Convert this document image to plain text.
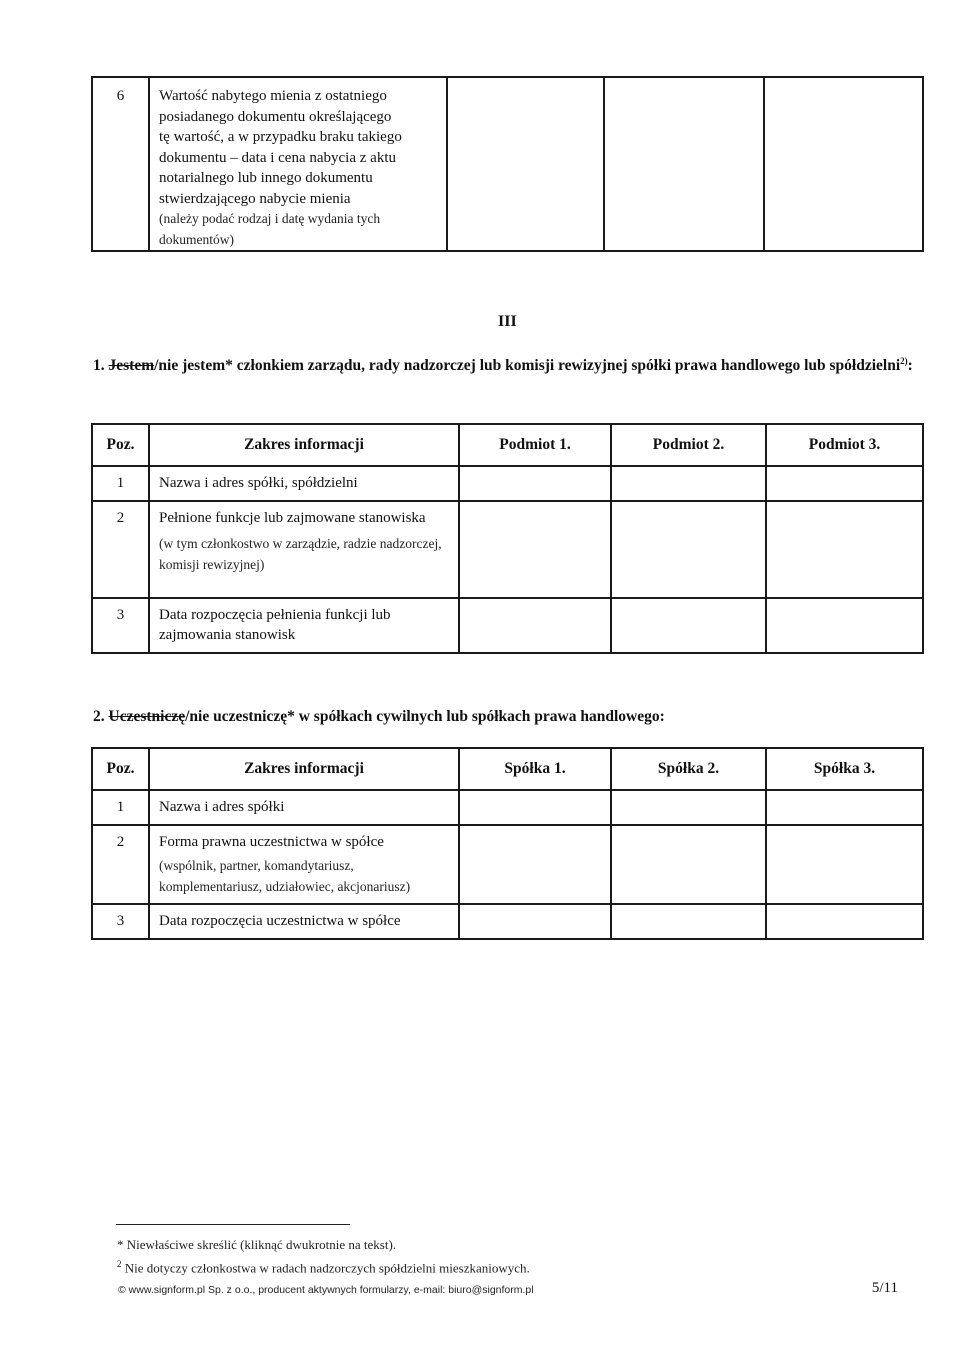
6	Wartość nabytego mienia z ostatniego
posiadanego dokumentu określającego
tę wartość, a w przypadku braku takiego
dokumentu – data i cena nabycia z aktu
notarialnego lub innego dokumentu
stwierdzającego nabycie mienia
(należy podać rodzaj i datę wydania tych
dokumentów)

III
1. Jestem/nie jestem* członkiem zarządu, rady nadzorczej lub komisji rewizyjnej spółki prawa handlowego lub spółdzielni$^{2)}$:
Poz.	Zakres informacji	Podmiot 1.	Podmiot 2.	Podmiot 3.
1	Nazwa i adres spółki, spółdzielni			
2	Pełnione funkcje lub zajmowane stanowiska
(w tym członkostwo w zarządzie, radzie nadzorczej, komisji rewizyjnej)			

3	Data rozpoczęcia pełnienia funkcji lub zajmowania stanowisk			
2. Uczestniczę/nie uczestniczę* w spółkach cywilnych lub spółkach prawa handlowego:
Poz.	Zakres informacji	Spółka 1.	Spółka 2.	Spółka 3.
1	Nazwa i adres spółki			
2	Forma prawna uczestnictwa w spółce
(wspólnik, partner, komandytariusz, komplementariusz, udziałowiec, akcjonariusz)			

3	Data rozpoczęcia uczestnictwa w spółce			
* Niewłaściwe skreślić (kliknąć dwukrotnie na tekst).
$^2$ Nie dotyczy członkostwa w radach nadzorczych spółdzielni mieszkaniowych.
© www.signform.pl Sp. z o.o., producent aktywnych formularzy, e-mail: biuro@signform.pl	5/11
